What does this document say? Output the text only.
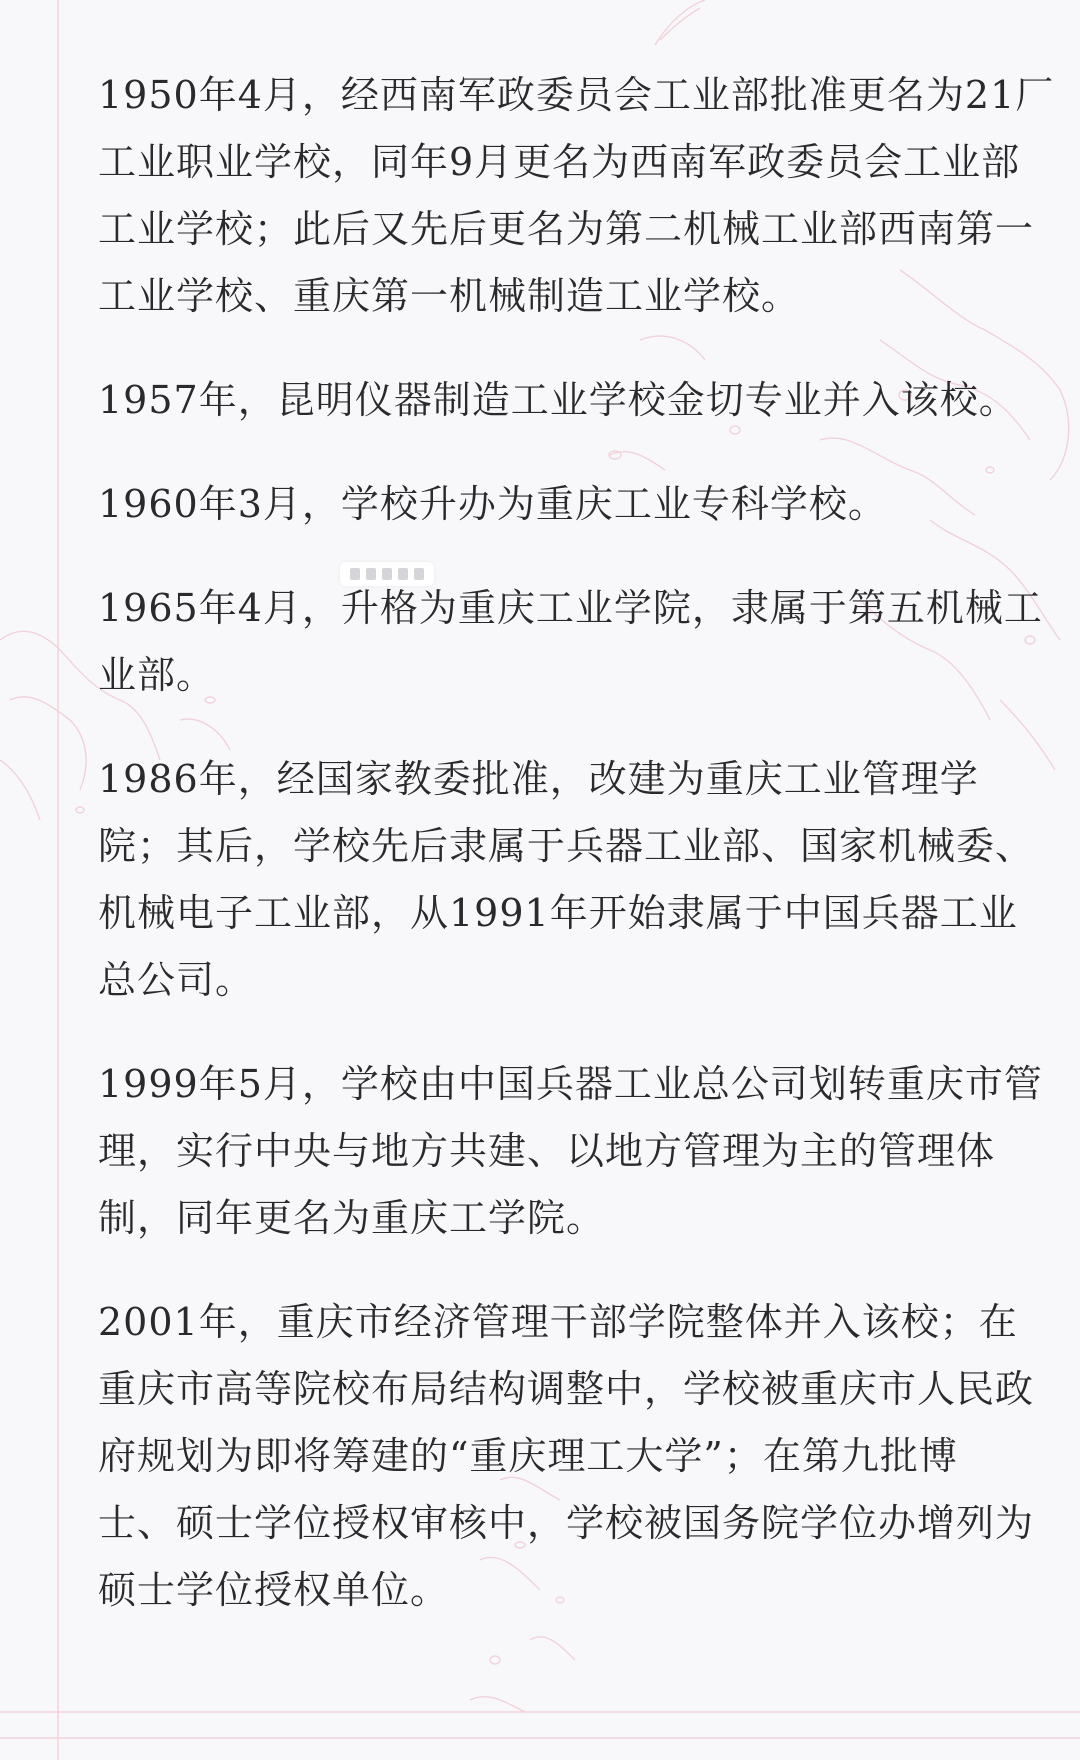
1950年4月，经西南军政委员会工业部批准更名为21厂
工业职业学校，同年9月更名为西南军政委员会工业部
工业学校；此后又先后更名为第二机械工业部西南第一
工业学校、重庆第一机械制造工业学校。

1957年，昆明仪器制造工业学校金切专业并入该校。

1960年3月，学校升办为重庆工业专科学校。

1965年4月，升格为重庆工业学院，隶属于第五机械工
业部。

1986年，经国家教委批准，改建为重庆工业管理学
院；其后，学校先后隶属于兵器工业部、国家机械委、
机械电子工业部，从1991年开始隶属于中国兵器工业
总公司。

1999年5月，学校由中国兵器工业总公司划转重庆市管
理，实行中央与地方共建、以地方管理为主的管理体
制，同年更名为重庆工学院。

2001年，重庆市经济管理干部学院整体并入该校；在
重庆市高等院校布局结构调整中，学校被重庆市人民政
府规划为即将筹建的“重庆理工大学”；在第九批博
士、硕士学位授权审核中，学校被国务院学位办增列为
硕士学位授权单位。
